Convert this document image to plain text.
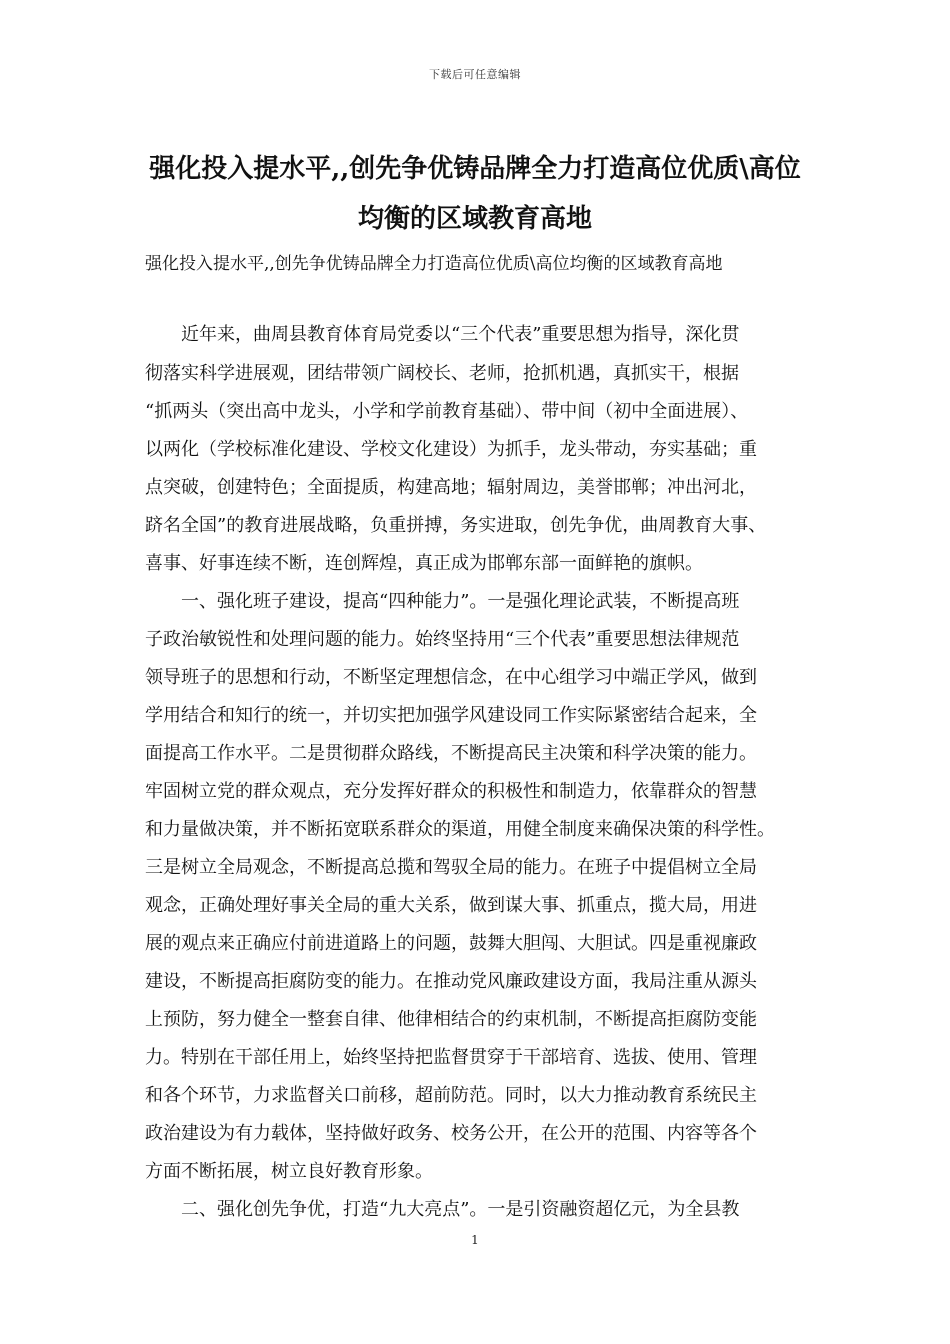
下载后可任意编辑
强化投入提水平,,创先争优铸品牌全力打造高位优质\高位
均衡的区域教育高地
强化投入提水平,,创先争优铸品牌全力打造高位优质\高位均衡的区域教育高地
　　近年来，曲周县教育体育局党委以“三个代表”重要思想为指导，深化贯
彻落实科学进展观，团结带领广阔校长、老师，抢抓机遇，真抓实干，根据
“抓两头（突出高中龙头，小学和学前教育基础）、带中间（初中全面进展）、
以两化（学校标准化建设、学校文化建设）为抓手，龙头带动，夯实基础；重
点突破，创建特色；全面提质，构建高地；辐射周边，美誉邯郸；冲出河北，
跻名全国”的教育进展战略，负重拼搏，务实进取，创先争优，曲周教育大事、
喜事、好事连续不断，连创辉煌，真正成为邯郸东部一面鲜艳的旗帜。
　　一、强化班子建设，提高“四种能力”。一是强化理论武装，不断提高班
子政治敏锐性和处理问题的能力。始终坚持用“三个代表”重要思想法律规范
领导班子的思想和行动，不断坚定理想信念，在中心组学习中端正学风，做到
学用结合和知行的统一，并切实把加强学风建设同工作实际紧密结合起来，全
面提高工作水平。二是贯彻群众路线，不断提高民主决策和科学决策的能力。
牢固树立党的群众观点，充分发挥好群众的积极性和制造力，依靠群众的智慧
和力量做决策，并不断拓宽联系群众的渠道，用健全制度来确保决策的科学性。
三是树立全局观念，不断提高总揽和驾驭全局的能力。在班子中提倡树立全局
观念，正确处理好事关全局的重大关系，做到谋大事、抓重点，揽大局，用进
展的观点来正确应付前进道路上的问题，鼓舞大胆闯、大胆试。四是重视廉政
建设，不断提高拒腐防变的能力。在推动党风廉政建设方面，我局注重从源头
上预防，努力健全一整套自律、他律相结合的约束机制，不断提高拒腐防变能
力。特别在干部任用上，始终坚持把监督贯穿于干部培育、选拔、使用、管理
和各个环节，力求监督关口前移，超前防范。同时，以大力推动教育系统民主
政治建设为有力载体，坚持做好政务、校务公开，在公开的范围、内容等各个
方面不断拓展，树立良好教育形象。
　　二、强化创先争优，打造“九大亮点”。一是引资融资超亿元，为全县教
1
